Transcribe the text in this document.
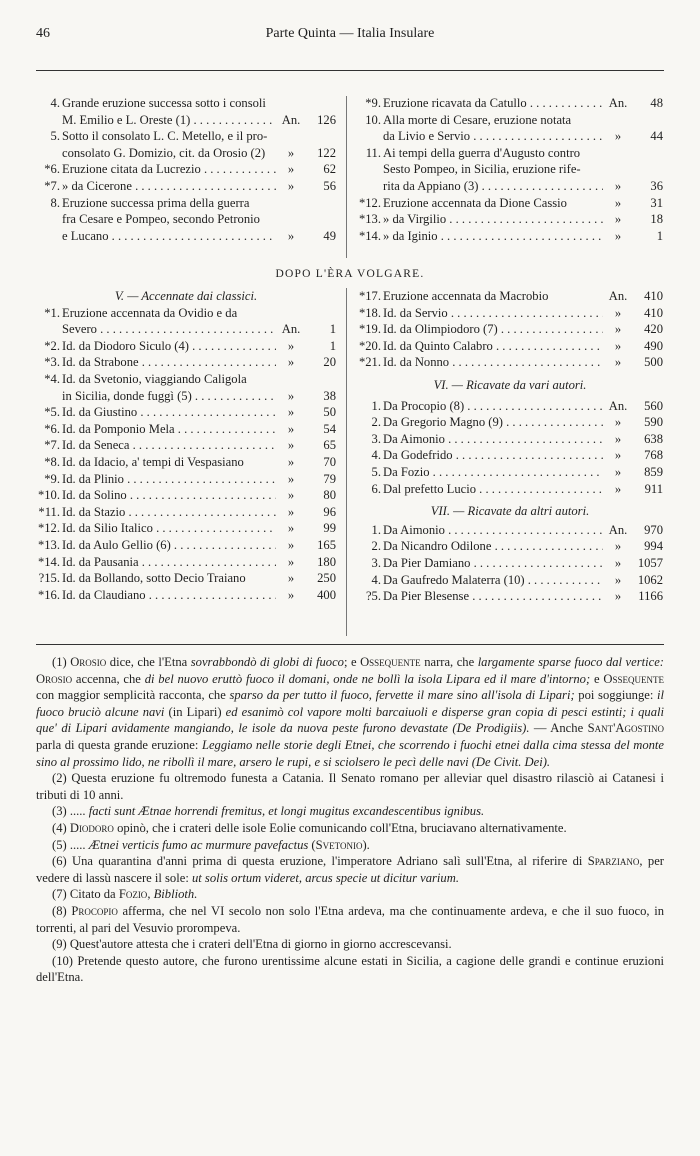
46	Parte Quinta — Italia Insulare
4. Grande eruzione successa sotto i consoli
M. Emilio e L. Oreste (1) . . .	An.	126
5. Sotto il consolato L. C. Metello, e il pro-
consolato G. Domizio, cit. da Orosio (2)	»	122
*6. Eruzione citata da Lucrezio . . .	»	62
*7. » da Cicerone . . .	»	56
8. Eruzione successa prima della guerra
fra Cesare e Pompeo, secondo Petronio
e Lucano . . .	»	49
*9. Eruzione ricavata da Catullo . . .	An.	48
10. Alla morte di Cesare, eruzione notata
da Livio e Servio . . .	»	44
11. Ai tempi della guerra d'Augusto contro
Sesto Pompeo, in Sicilia, eruzione rife-
rita da Appiano (3) . . .	»	36
*12. Eruzione accennata da Dione Cassio	»	31
*13. » da Virgilio . . .	»	18
*14. » da Iginio . . .	»	1
DOPO L'ÈRA VOLGARE.
V. — Accennate dai classici.
*1. Eruzione accennata da Ovidio e da
Severo . . .	An.	1
*2. Id. da Diodoro Siculo (4) . . .	»	1
*3. Id. da Strabone . . .	»	20
*4. Id. da Svetonio, viaggiando Caligola
in Sicilia, donde fuggì (5) . . .	»	38
*5. Id. da Giustino . . .	»	50
*6. Id. da Pomponio Mela . . .	»	54
*7. Id. da Seneca . . .	»	65
*8. Id. da Idacio, a' tempi di Vespasiano	»	70
*9. Id. da Plinio . . .	»	79
*10. Id. da Solino . . .	»	80
*11. Id. da Stazio . . .	»	96
*12. Id. da Silio Italico . . .	»	99
*13. Id. da Aulo Gellio (6) . . .	»	165
*14. Id. da Pausania . . .	»	180
?15. Id. da Bollando, sotto Decio Traiano	»	250
*16. Id. da Claudiano . . .	»	400
*17. Eruzione accennata da Macrobio	An.	410
*18. Id. da Servio . . .	»	410
*19. Id. da Olimpiodoro (7) . . .	»	420
*20. Id. da Quinto Calabro . . .	»	490
*21. Id. da Nonno . . .	»	500
VI. — Ricavate da vari autori.
1. Da Procopio (8) . . .	An.	560
2. Da Gregorio Magno (9) . . .	»	590
3. Da Aimonio . . .	»	638
4. Da Godefrido . . .	»	768
5. Da Fozio . . .	»	859
6. Dal prefetto Lucio . . .	»	911
VII. — Ricavate da altri autori.
1. Da Aimonio . . .	An.	970
2. Da Nicandro Odilone . . .	»	994
3. Da Pier Damiano . . .	»	1057
4. Da Gaufredo Malaterra (10) . . .	»	1062
?5. Da Pier Blesense . . .	»	1166

(1) Orosio dice, che l'Etna sovrabbondò di globi di fuoco; e Ossequente narra, che largamente sparse fuoco dal vertice: Orosio accenna, che di bel nuovo eruttò fuoco il domani, onde ne bollì la isola Lipara ed il mare d'intorno; e Ossequente con maggior semplicità racconta, che sparso da per tutto il fuoco, fervette il mare sino all'isola di Lipari; poi soggiunge: il fuoco bruciò alcune navi (in Lipari) ed esanimò col vapore molti barcaiuoli e disperse gran copia di pesci estinti; i quali que' di Lipari avidamente mangiando, le isole da nuova peste furono devastate (De Prodigiis). — Anche Sant'Agostino parla di questa grande eruzione: Leggiamo nelle storie degli Etnei, che scorrendo i fuochi etnei dalla cima stessa del monte sino al prossimo lido, ne ribollì il mare, arsero le rupi, e si sciolsero le pecì delle navi (De Civit. Dei).

(2) Questa eruzione fu oltremodo funesta a Catania. Il Senato romano per alleviar quel disastro rilasciò ai Catanesi i tributi di 10 anni.

(3) ..... facti sunt Ætnae horrendi fremitus, et longi mugitus excandescentibus ignibus.

(4) Diodoro opinò, che i crateri delle isole Eolie comunicando coll'Etna, bruciavano alternativamente.

(5) ..... Ætnei verticis fumo ac murmure pavefactus (Svetonio).

(6) Una quarantina d'anni prima di questa eruzione, l'imperatore Adriano salì sull'Etna, al riferire di Sparziano, per vedere di lassù nascere il sole: ut solis ortum videret, arcus specie ut dicitur varium.

(7) Citato da Fozio, Biblioth.

(8) Procopio afferma, che nel VI secolo non solo l'Etna ardeva, ma che continuamente ardeva, e che il suo fuoco, in torrenti, al pari del Vesuvio prorompeva.

(9) Quest'autore attesta che i crateri dell'Etna di giorno in giorno accrescevansi.

(10) Pretende questo autore, che furono urentissime alcune estati in Sicilia, a cagione delle grandi e continue eruzioni dell'Etna.
